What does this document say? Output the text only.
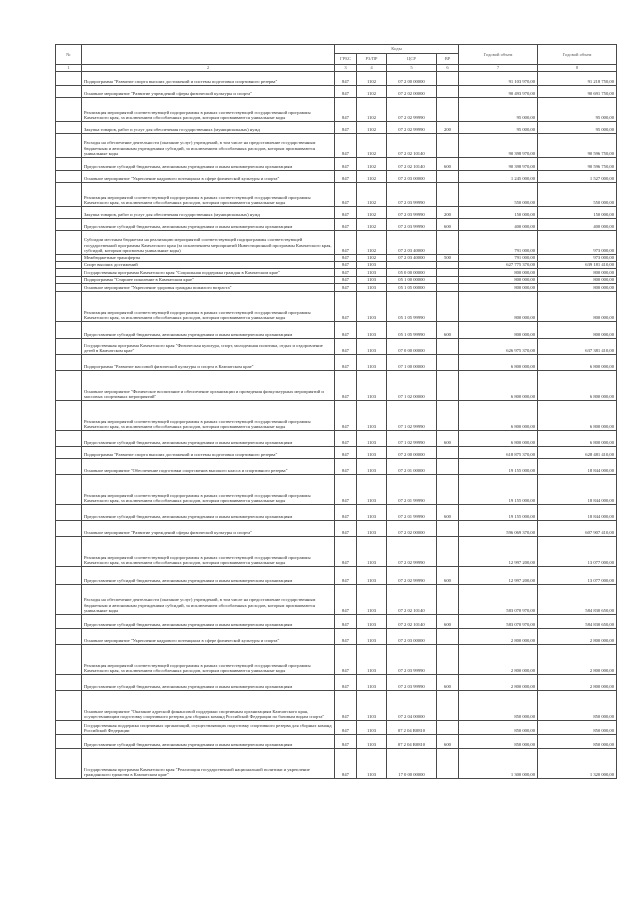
№		Коды				Годовой объем	Годовой объем
		ГРБС	Р3/ПР	ЦСР	ВР		
1	2	3	4	5	6	7	8
	Подпрограмма "Развитие спорта высших достижений и системы подготовки спортивного резерва"	847	1102	07 2 00 00000		91 103 970,00	91 218 750,00
	Основное мероприятие "Развитие учреждений сферы физической культуры и спорта"	847	1102	07 2 02 00000		90 493 970,00	90 691 750,00
	Реализация мероприятий соответствующей подпрограммы в рамках соответствующей государственной программы Камчатского края, за исключением обособленных расходов, которым присваиваются уникальные коды	847	1102	07 2 02 99990		95 000,00	95 000,00
	Закупка товаров, работ и услуг для обеспечения государственных (муниципальных) нужд	847	1102	07 2 02 99990	200	95 000,00	95 000,00
	Расходы на обеспечение деятельности (оказание услуг) учреждений, в том числе на предоставление государственным бюджетным и автономным учреждениям субсидий, за исключением обособленных расходов, которым присваиваются уникальные коды	847	1102	07 2 02 10140		90 398 970,00	90 596 750,00
	Предоставление субсидий бюджетным, автономным учреждениям и иным некоммерческим организациям	847	1102	07 2 02 10140	600	90 398 970,00	90 596 750,00
	Основное мероприятие "Укрепление кадрового потенциала в сфере физической культуры и спорта"	847	1102	07 2 03 00000		1 245 000,00	1 527 000,00
	Реализация мероприятий соответствующей подпрограммы в рамках соответствующей государственной программы Камчатского края, за исключением обособленных расходов, которым присваиваются уникальные коды	847	1102	07 2 03 99990		550 000,00	550 000,00
	Закупка товаров, работ и услуг для обеспечения государственных (муниципальных) нужд	847	1102	07 2 03 99990	200	150 000,00	150 000,00
	Предоставление субсидий бюджетным, автономным учреждениям и иным некоммерческим организациям	847	1102	07 2 03 99990	600	400 000,00	400 000,00
	Субсидии местным бюджетам на реализацию мероприятий соответствующей подпрограммы соответствующей государственной программы Камчатского края (за исключением мероприятий Инвестиционной программы Камчатского края, субсидий, которым присвоены уникальные коды)	847	1102	07 2 03 40000		791 000,00	973 000,00
	Межбюджетные трансферты	847	1102	07 2 03 40000	500	791 000,00	973 000,00
	Спорт высших достижений	847	1103			627 775 370,00	639 181 410,00
	Государственная программа Камчатского края "Социальная поддержка граждан в Камчатском крае"	847	1103	05 0 00 00000		800 000,00	800 000,00
	Подпрограмма "Старшее поколение в Камчатском крае"	847	1103	05 1 00 00000		800 000,00	800 000,00
	Основное мероприятие "Укрепление здоровья граждан пожилого возраста"	847	1103	05 1 05 00000		800 000,00	800 000,00
	Реализация мероприятий соответствующей подпрограммы в рамках соответствующей государственной программы Камчатского края, за исключением обособленных расходов, которым присваиваются уникальные коды	847	1103	05 1 05 99990		800 000,00	800 000,00
	Предоставление субсидий бюджетным, автономным учреждениям и иным некоммерческим организациям	847	1103	05 1 05 99990	600	800 000,00	800 000,00
	Государственная программа Камчатского края "Физическая культура, спорт, молодежная политика, отдых и оздоровление детей в Камчатском крае"	847	1103	07 0 00 00000		626 975 370,00	637 381 410,00
	Подпрограмма "Развитие массовой физической культуры и спорта в Камчатском крае"	847	1103	07 1 00 00000		6 800 000,00	6 800 000,00
	Основное мероприятие "Физическое воспитание и обеспечение организации и проведения физкультурных мероприятий и массовых спортивных мероприятий"	847	1103	07 1 02 00000		6 800 000,00	6 800 000,00
	Реализация мероприятий соответствующей подпрограммы в рамках соответствующей государственной программы Камчатского края, за исключением обособленных расходов, которым присваиваются уникальные коды	847	1103	07 1 02 99990		6 800 000,00	6 800 000,00
	Предоставление субсидий бюджетным, автономным учреждениям и иным некоммерческим организациям	847	1103	07 1 02 99990	600	6 800 000,00	6 800 000,00
	Подпрограмма "Развитие спорта высших достижений и системы подготовки спортивного резерва"	847	1103	07 2 00 00000		618 875 370,00	628 481 410,00
	Основное мероприятие "Обеспечение подготовки спортсменов высокого класса и спортивного резерва"	847	1103	07 2 01 00000		19 155 000,00	18 844 000,00
	Реализация мероприятий соответствующей подпрограммы в рамках соответствующей государственной программы Камчатского края, за исключением обособленных расходов, которым присваиваются уникальные коды	847	1103	07 2 01 99990		19 155 000,00	18 844 000,00
	Предоставление субсидий бюджетным, автономным учреждениям и иным некоммерческим организациям	847	1103	07 2 01 99990	600	19 155 000,00	18 844 000,00
	Основное мероприятие "Развитие учреждений сферы физической культуры и спорта"	847	1103	07 2 02 00000		596 069 370,00	607 907 410,00
	Реализация мероприятий соответствующей подпрограммы в рамках соответствующей государственной программы Камчатского края, за исключением обособленных расходов, которым присваиваются уникальные коды	847	1103	07 2 02 99990		12 997 200,00	13 077 000,00
	Предоставление субсидий бюджетным, автономным учреждениям и иным некоммерческим организациям	847	1103	07 2 02 99990	600	12 997 200,00	13 077 000,00
	Расходы на обеспечение деятельности (оказание услуг) учреждений, в том числе на предоставление государственным бюджетным и автономным учреждениям субсидий, за исключением обособленных расходов, которым присваиваются уникальные коды	847	1103	07 2 02 10140		583 070 970,00	584 830 650,00
	Предоставление субсидий бюджетным, автономным учреждениям и иным некоммерческим организациям	847	1103	07 2 02 10140	600	583 070 970,00	584 830 650,00
	Основное мероприятие "Укрепление кадрового потенциала в сфере физической культуры и спорта"	847	1103	07 2 03 00000		2 800 000,00	2 800 000,00
	Реализация мероприятий соответствующей подпрограммы в рамках соответствующей государственной программы Камчатского края, за исключением обособленных расходов, которым присваиваются уникальные коды	847	1103	07 2 03 99990		2 800 000,00	2 800 000,00
	Предоставление субсидий бюджетным, автономным учреждениям и иным некоммерческим организациям	847	1103	07 2 03 99990	600	2 800 000,00	2 800 000,00
	Основное мероприятие "Оказание адресной финансовой поддержки спортивным организациям Камчатского края, осуществляющим подготовку спортивного резерва для сборных команд Российской Федерации по базовым видам спорта"	847	1103	07 2 04 00000		850 000,00	850 000,00
	Государственная поддержка спортивных организаций, осуществляющих подготовку спортивного резерва для сборных команд Российской Федерации	847	1103	07 2 04 R0810		850 000,00	850 000,00
	Предоставление субсидий бюджетным, автономным учреждениям и иным некоммерческим организациям	847	1103	07 2 04 R0810	600	850 000,00	850 000,00
	Государственная программа Камчатского края "Реализация государственной национальной политики и укрепление гражданского единства в Камчатском крае"	847	1103	17 0 00 00000		1 300 000,00	1 320 000,00
